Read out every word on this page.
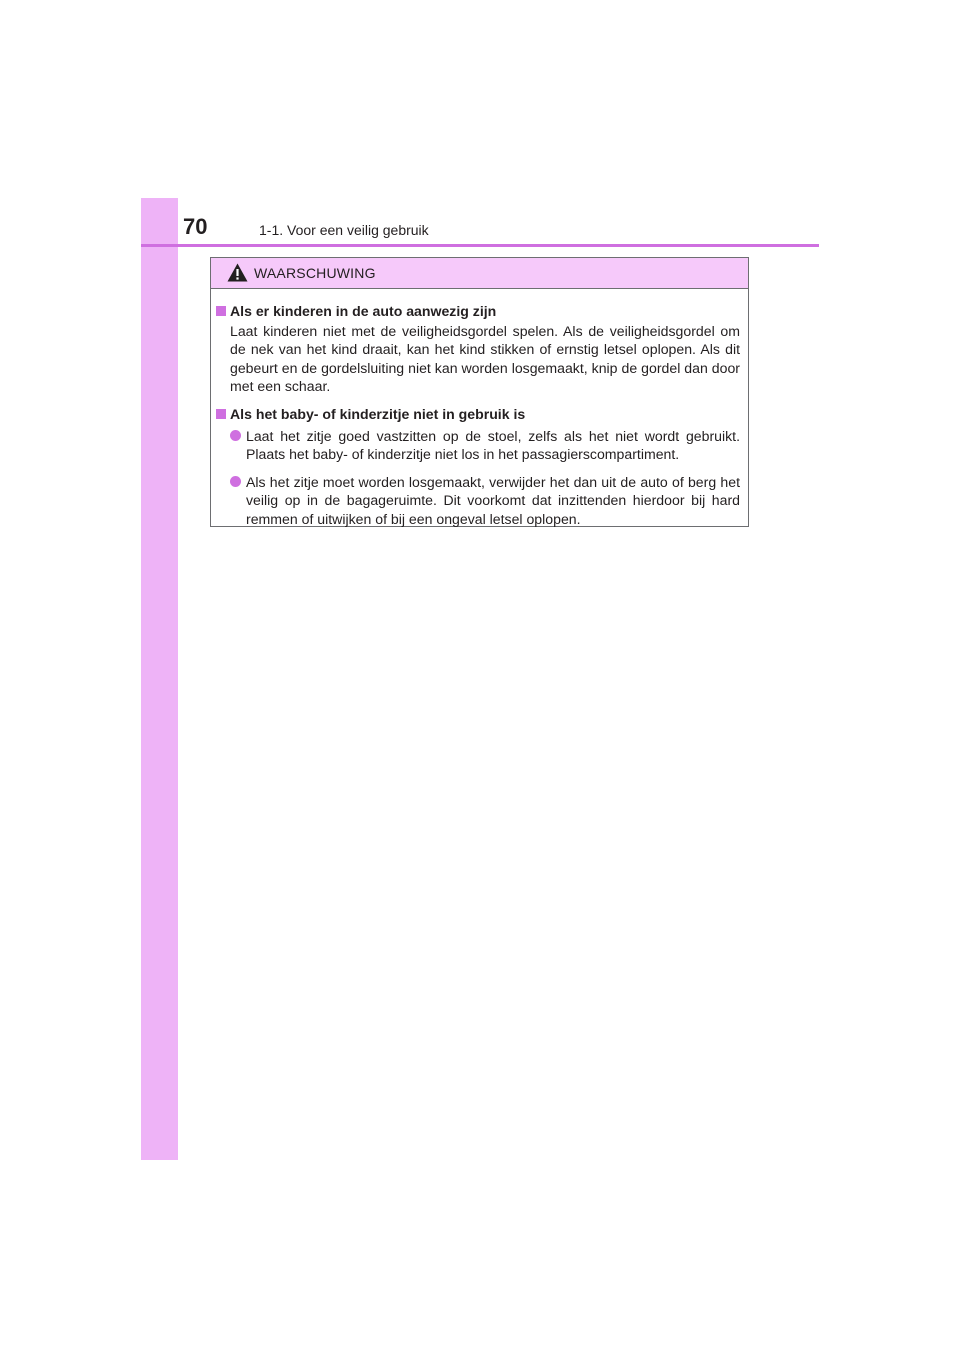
70	1-1. Voor een veilig gebruik
WAARSCHUWING
Als er kinderen in de auto aanwezig zijn
Laat kinderen niet met de veiligheidsgordel spelen. Als de veiligheidsgordel om de nek van het kind draait, kan het kind stikken of ernstig letsel oplopen. Als dit gebeurt en de gordelsluiting niet kan worden losgemaakt, knip de gordel dan door met een schaar.
Als het baby- of kinderzitje niet in gebruik is
Laat het zitje goed vastzitten op de stoel, zelfs als het niet wordt gebruikt. Plaats het baby- of kinderzitje niet los in het passagierscompartiment.
Als het zitje moet worden losgemaakt, verwijder het dan uit de auto of berg het veilig op in de bagageruimte. Dit voorkomt dat inzittenden hierdoor bij hard remmen of uitwijken of bij een ongeval letsel oplopen.
